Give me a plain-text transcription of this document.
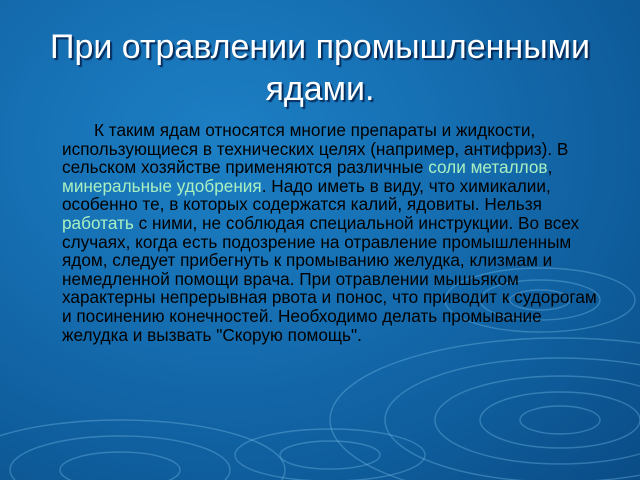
При отравлении промышленными ядами.

К таким ядам относятся многие препараты и жидкости, использующиеся в технических целях (например, антифриз). В сельском хозяйстве применяются различные соли металлов, минеральные удобрения. Надо иметь в виду, что химикалии, особенно те, в которых содержатся калий, ядовиты. Нельзя работать с ними, не соблюдая специальной инструкции. Во всех случаях, когда есть подозрение на отравление промышленным ядом, следует прибегнуть к промыванию желудка, клизмам и немедленной помощи врача. При отравлении мышьяком характерны непрерывная рвота и понос, что приводит к судорогам и посинению конечностей. Необходимо делать промывание желудка и вызвать "Скорую помощь".
